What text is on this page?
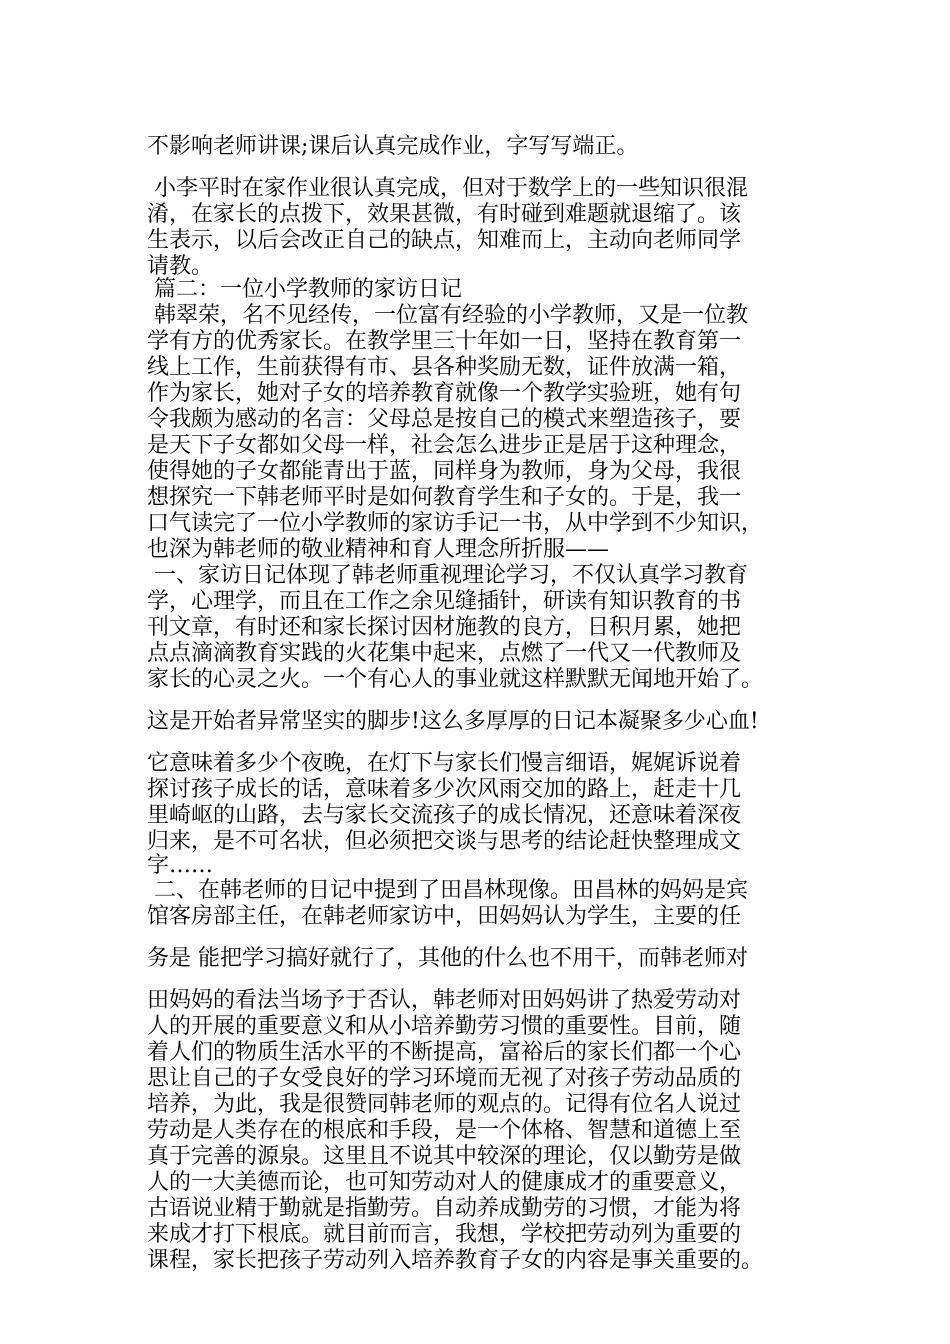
不影响老师讲课;课后认真完成作业，字写写端正。

小李平时在家作业很认真完成，但对于数学上的一些知识很混

淆，在家长的点拨下，效果甚微，有时碰到难题就退缩了。该

生表示，以后会改正自己的缺点，知难而上，主动向老师同学

请教。

篇二：一位小学教师的家访日记

韩翠荣，名不见经传，一位富有经验的小学教师，又是一位教

学有方的优秀家长。在教学里三十年如一日，坚持在教育第一

线上工作，生前获得有市、县各种奖励无数，证件放满一箱，

作为家长，她对子女的培养教育就像一个教学实验班，她有句

令我颇为感动的名言：父母总是按自己的模式来塑造孩子，要

是天下子女都如父母一样，社会怎么进步正是居于这种理念，

使得她的子女都能青出于蓝，同样身为教师，身为父母，我很

想探究一下韩老师平时是如何教育学生和子女的。于是，我一

口气读完了一位小学教师的家访手记一书，从中学到不少知识，

也深为韩老师的敬业精神和育人理念所折服——

一、家访日记体现了韩老师重视理论学习，不仅认真学习教育

学，心理学，而且在工作之余见缝插针，研读有知识教育的书

刊文章，有时还和家长探讨因材施教的良方，日积月累，她把

点点滴滴教育实践的火花集中起来，点燃了一代又一代教师及

家长的心灵之火。一个有心人的事业就这样默默无闻地开始了。

这是开始者异常坚实的脚步!这么多厚厚的日记本凝聚多少心血!

它意味着多少个夜晚，在灯下与家长们慢言细语，娓娓诉说着

探讨孩子成长的话，意味着多少次风雨交加的路上，赶走十几

里崎岖的山路，去与家长交流孩子的成长情况，还意味着深夜

归来，是不可名状，但必须把交谈与思考的结论赶快整理成文

字……

二、在韩老师的日记中提到了田昌林现像。田昌林的妈妈是宾

馆客房部主任，在韩老师家访中，田妈妈认为学生，主要的任

务是 能把学习搞好就行了，其他的什么也不用干，而韩老师对

田妈妈的看法当场予于否认，韩老师对田妈妈讲了热爱劳动对

人的开展的重要意义和从小培养勤劳习惯的重要性。目前，随

着人们的物质生活水平的不断提高，富裕后的家长们都一个心

思让自己的子女受良好的学习环境而无视了对孩子劳动品质的

培养，为此，我是很赞同韩老师的观点的。记得有位名人说过

劳动是人类存在的根底和手段，是一个体格、智慧和道德上至

真于完善的源泉。这里且不说其中较深的理论，仅以勤劳是做

人的一大美德而论，也可知劳动对人的健康成才的重要意义，

古语说业精于勤就是指勤劳。自动养成勤劳的习惯，才能为将

来成才打下根底。就目前而言，我想，学校把劳动列为重要的

课程，家长把孩子劳动列入培养教育子女的内容是事关重要的。
